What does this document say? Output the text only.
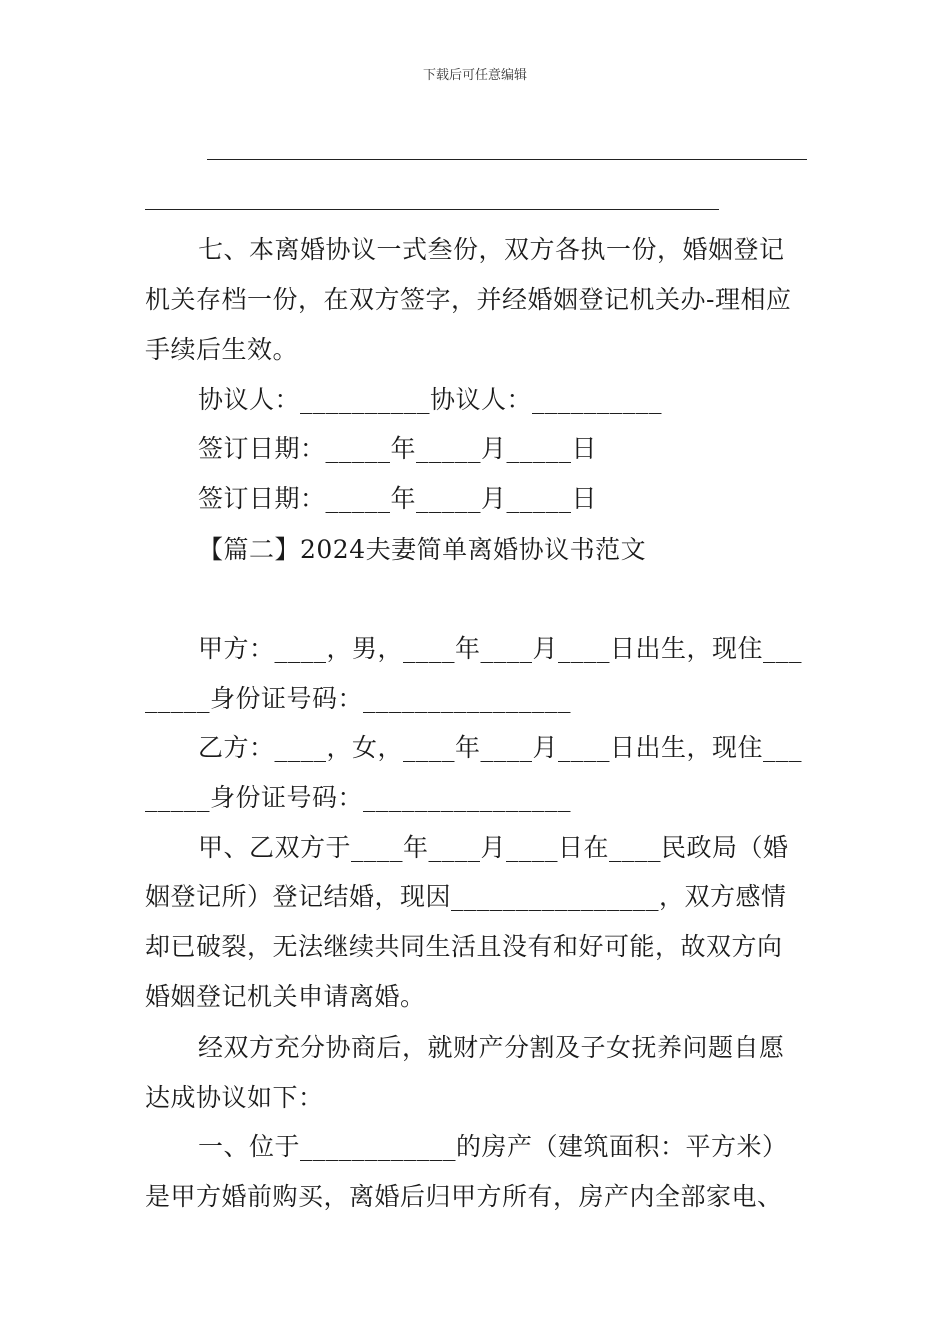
下载后可任意编辑
七、本离婚协议一式叁份，双方各执一份，婚姻登记
机关存档一份，在双方签字，并经婚姻登记机关办-理相应
手续后生效。
协议人：__________协议人：__________
签订日期：_____年_____月_____日
签订日期：_____年_____月_____日
【篇二】2024夫妻简单离婚协议书范文
甲方：____，男，____年____月____日出生，现住___
_____身份证号码：________________
乙方：____，女，____年____月____日出生，现住___
_____身份证号码：________________
甲、乙双方于____年____月____日在____民政局（婚
姻登记所）登记结婚，现因________________，双方感情
却已破裂，无法继续共同生活且没有和好可能，故双方向
婚姻登记机关申请离婚。
经双方充分协商后，就财产分割及子女抚养问题自愿
达成协议如下：
一、位于____________的房产（建筑面积：平方米）
是甲方婚前购买，离婚后归甲方所有，房产内全部家电、
